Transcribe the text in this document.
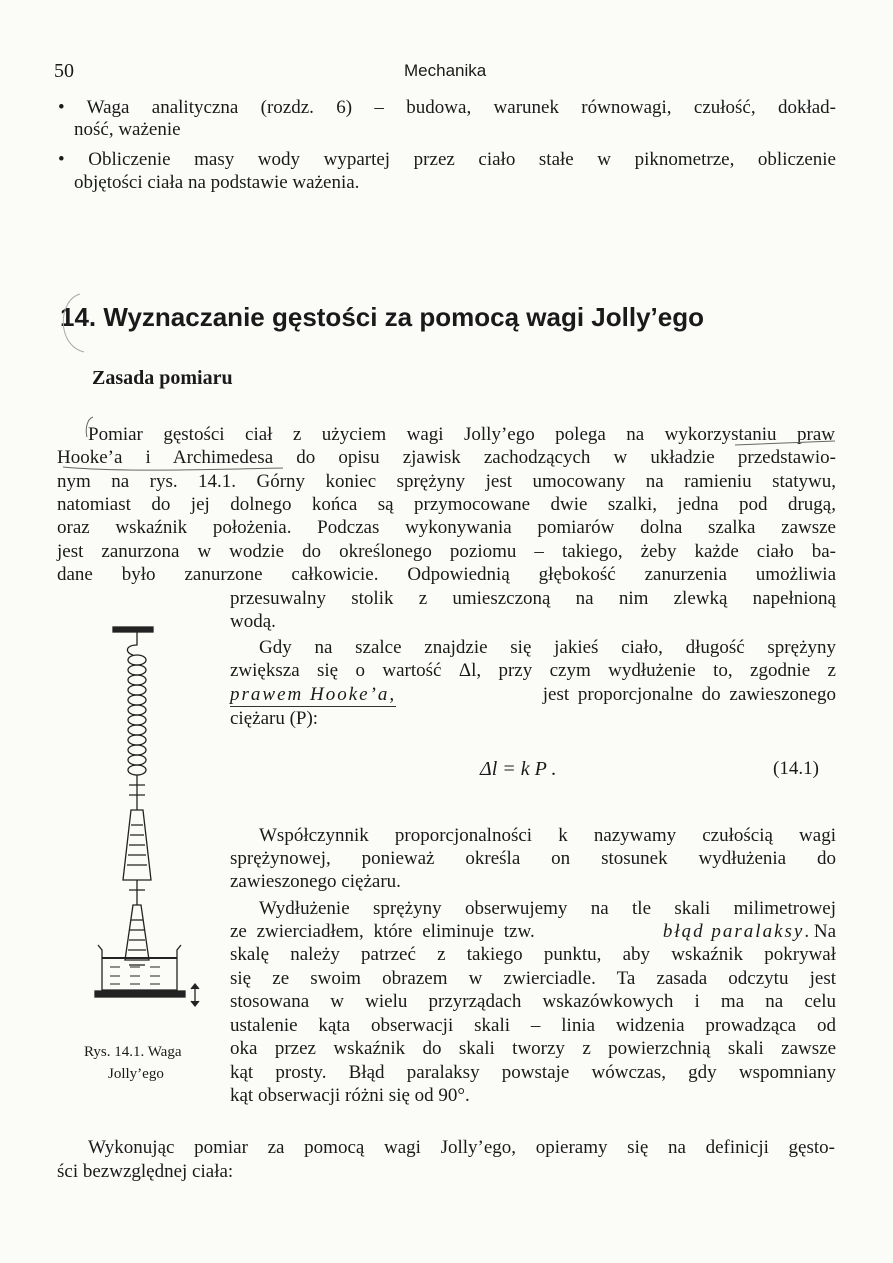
50	Mechanika
• Waga analityczna (rozdz. 6) – budowa, warunek równowagi, czułość, dokład-
ność, ważenie
• Obliczenie masy wody wypartej przez ciało stałe w piknometrze, obliczenie
objętości ciała na podstawie ważenia.
14. Wyznaczanie gęstości za pomocą wagi Jolly’ego
Zasada pomiaru
Pomiar gęstości ciał z użyciem wagi Jolly’ego polega na wykorzystaniu praw
Hooke’a i Archimedesa do opisu zjawisk zachodzących w układzie przedstawio-
nym na rys. 14.1. Górny koniec sprężyny jest umocowany na ramieniu statywu,
natomiast do jej dolnego końca są przymocowane dwie szalki, jedna pod drugą,
oraz wskaźnik położenia. Podczas wykonywania pomiarów dolna szalka zawsze
jest zanurzona w wodzie do określonego poziomu – takiego, żeby każde ciało ba-
dane było zanurzone całkowicie. Odpowiednią głębokość zanurzenia umożliwia
przesuwalny stolik z umieszczoną na nim zlewką napełnioną
wodą.
Gdy na szalce znajdzie się jakieś ciało, długość sprężyny
zwiększa się o wartość Δl, przy czym wydłużenie to, zgodnie z
prawem Hooke’a,	jest proporcjonalne do zawieszonego
ciężaru (P):
Δl = k P .	(14.1)
Współczynnik proporcjonalności k nazywamy czułością wagi
sprężynowej, ponieważ określa on stosunek wydłużenia do
zawieszonego ciężaru.
Wydłużenie sprężyny obserwujemy na tle skali milimetrowej
ze zwierciadłem, które eliminuje tzw.	błąd paralaksy. Na
skalę należy patrzeć z takiego punktu, aby wskaźnik pokrywał
się ze swoim obrazem w zwierciadle. Ta zasada odczytu jest
stosowana w wielu przyrządach wskazówkowych i ma na celu
ustalenie kąta obserwacji skali – linia widzenia prowadząca od
oka przez wskaźnik do skali tworzy z powierzchnią skali zawsze
kąt prosty. Błąd paralaksy powstaje wówczas, gdy wspomniany
kąt obserwacji różni się od 90°.
Wykonując pomiar za pomocą wagi Jolly’ego, opieramy się na definicji gęsto-
ści bezwzględnej ciała:
Rys. 14.1. Waga
Jolly’ego
